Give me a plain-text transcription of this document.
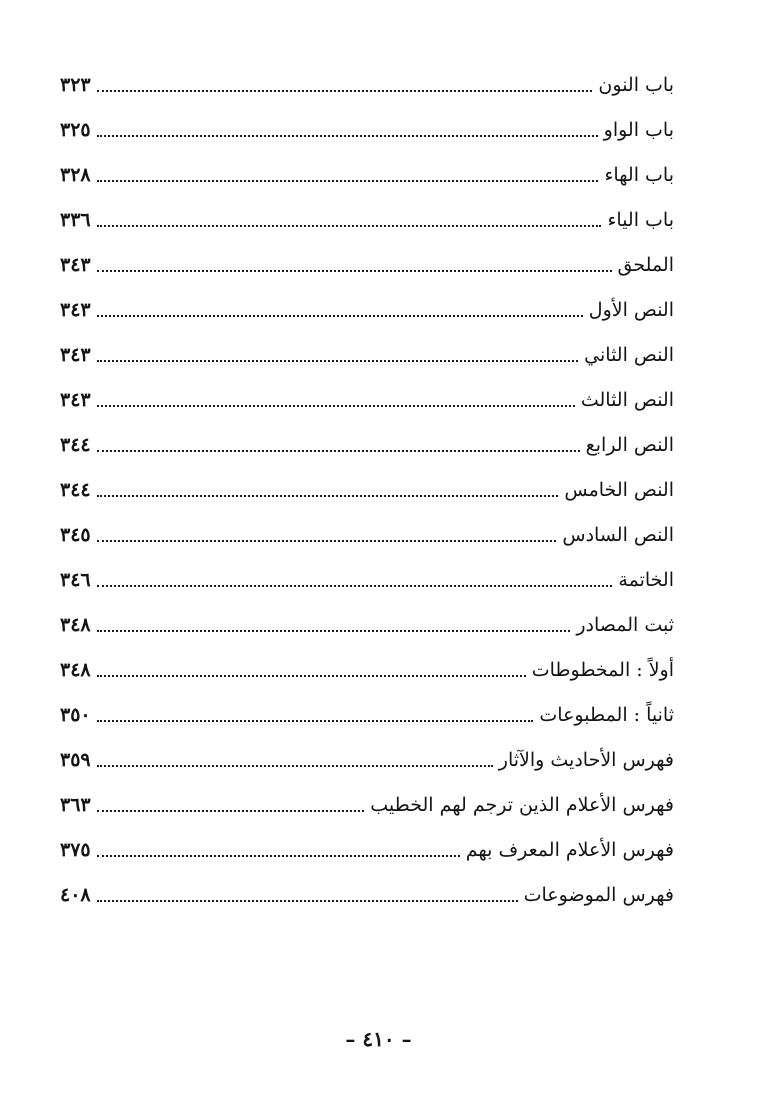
باب النون
٣٢٣
باب الواو
٣٢٥
باب الهاء
٣٢٨
باب الياء
٣٣٦
الملحق
٣٤٣
النص الأول
٣٤٣
النص الثاني
٣٤٣
النص الثالث
٣٤٣
النص الرابع
٣٤٤
النص الخامس
٣٤٤
النص السادس
٣٤٥
الخاتمة
٣٤٦
ثبت المصادر
٣٤٨
أولاً : المخطوطات
٣٤٨
ثانياً : المطبوعات
٣٥٠
فهرس الأحاديث والآثار
٣٥٩
فهرس الأعلام الذين ترجم لهم الخطيب
٣٦٣
فهرس الأعلام المعرف بهم
٣٧٥
فهرس الموضوعات
٤٠٨
– ٤١٠ –
